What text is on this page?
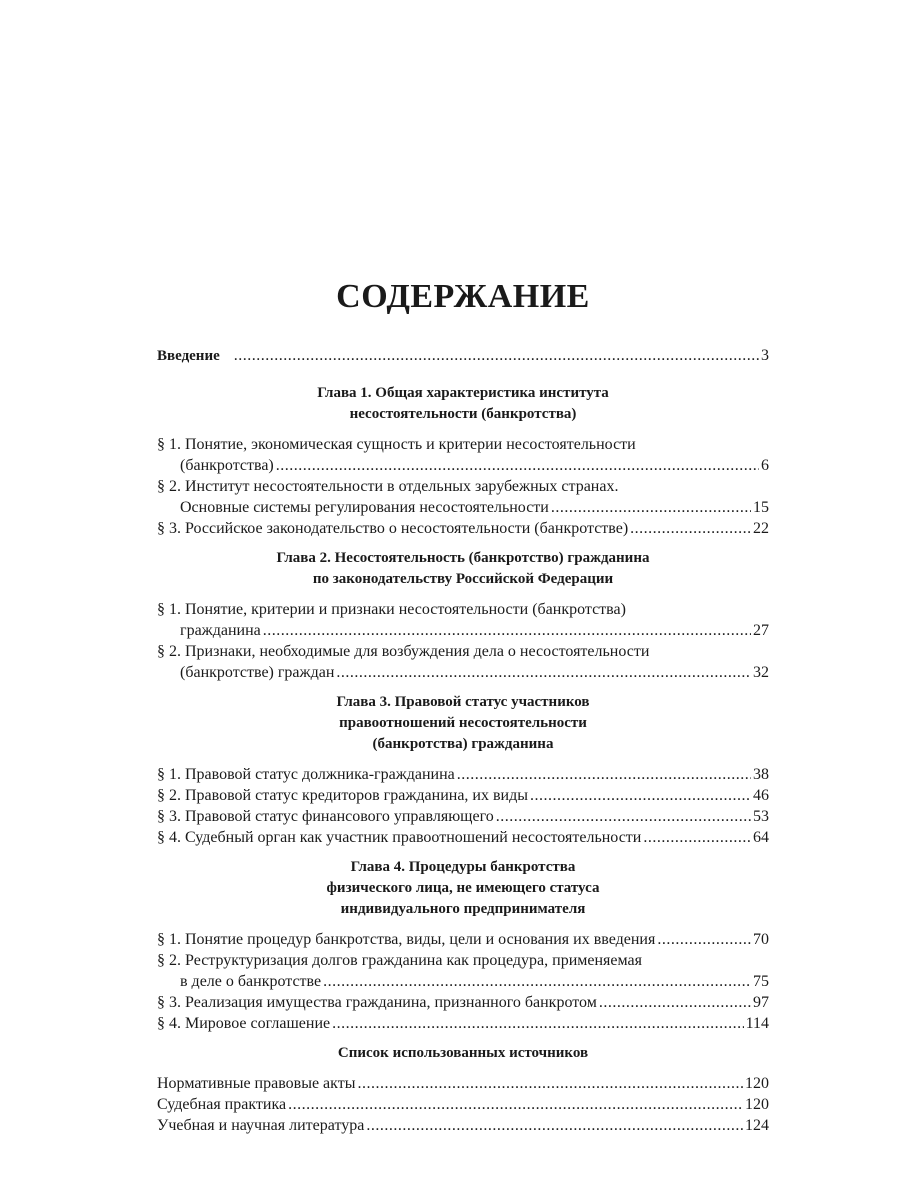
СОДЕРЖАНИЕ
Введение .....	3
Глава 1. Общая характеристика института
несостоятельности (банкротства)
§ 1. Понятие, экономическая сущность и критерии несостоятельности
(банкротства) .....	6
§ 2. Институт несостоятельности в отдельных зарубежных странах.
Основные системы регулирования несостоятельности .....	15
§ 3. Российское законодательство о несостоятельности (банкротстве) .....	22
Глава 2. Несостоятельность (банкротство) гражданина
по законодательству Российской Федерации
§ 1. Понятие, критерии и признаки несостоятельности (банкротства)
гражданина .....	27
§ 2. Признаки, необходимые для возбуждения дела о несостоятельности
(банкротстве) граждан .....	32
Глава 3. Правовой статус участников
правоотношений несостоятельности
(банкротства) гражданина
§ 1. Правовой статус должника-гражданина .....	38
§ 2. Правовой статус кредиторов гражданина, их виды .....	46
§ 3. Правовой статус финансового управляющего .....	53
§ 4. Судебный орган как участник правоотношений несостоятельности .....	64
Глава 4. Процедуры банкротства
физического лица, не имеющего статуса
индивидуального предпринимателя
§ 1. Понятие процедур банкротства, виды, цели и основания их введения .....	70
§ 2. Реструктуризация долгов гражданина как процедура, применяемая
в деле о банкротстве .....	75
§ 3. Реализация имущества гражданина, признанного банкротом .....	97
§ 4. Мировое соглашение .....	114
Список использованных источников
Нормативные правовые акты .....	120
Судебная практика .....	120
Учебная и научная литература .....	124
